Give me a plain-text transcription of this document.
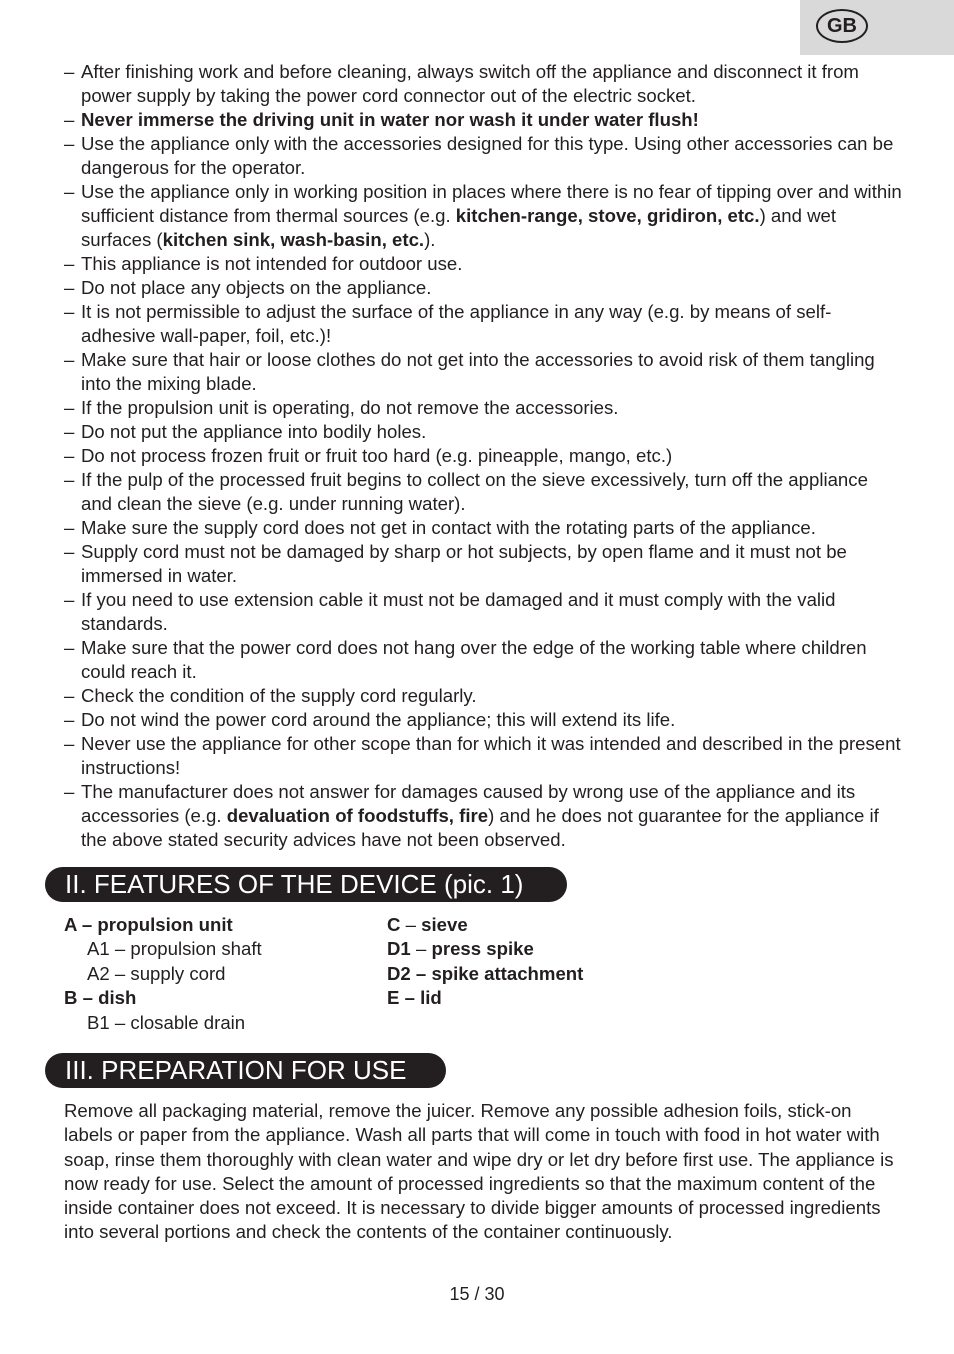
GB
– After finishing work and before cleaning, always switch off the appliance and disconnect it from power supply by taking the power cord connector out of the electric socket.
– Never immerse the driving unit in water nor wash it under water flush!
– Use the appliance only with the accessories designed for this type. Using other accessories can be dangerous for the operator.
– Use the appliance only in working position in places where there is no fear of tipping over and within sufficient distance from thermal sources (e.g. kitchen-range, stove, gridiron, etc.) and wet surfaces (kitchen sink, wash-basin, etc.).
– This appliance is not intended for outdoor use.
– Do not place any objects on the appliance.
– It is not permissible to adjust the surface of the appliance in any way (e.g. by means of self-adhesive wall-paper, foil, etc.)!
– Make sure that hair or loose clothes do not get into the accessories to avoid risk of them tangling into the mixing blade.
– If the propulsion unit is operating, do not remove the accessories.
– Do not put the appliance into bodily holes.
– Do not process frozen fruit or fruit too hard (e.g. pineapple, mango, etc.)
– If the pulp of the processed fruit begins to collect on the sieve excessively, turn off the appliance and clean the sieve (e.g. under running water).
– Make sure the supply cord does not get in contact with the rotating parts of the appliance.
– Supply cord must not be damaged by sharp or hot subjects, by open flame and it must not be immersed in water.
– If you need to use extension cable it must not be damaged and it must comply with the valid standards.
– Make sure that the power cord does not hang over the edge of the working table where children could reach it.
– Check the condition of the supply cord regularly.
– Do not wind the power cord around the appliance; this will extend its life.
– Never use the appliance for other scope than for which it was intended and described in the present instructions!
– The manufacturer does not answer for damages caused by wrong use of the appliance and its accessories (e.g. devaluation of foodstuffs, fire) and he does not guarantee for the appliance if the above stated security advices have not been observed.
II. FEATURES OF THE DEVICE (pic. 1)
A – propulsion unit
A1 – propulsion shaft
A2 – supply cord
B – dish
B1 – closable drain
C – sieve
D1 – press spike
D2 – spike attachment
E – lid
III. PREPARATION FOR USE

Remove all packaging material, remove the juicer. Remove any possible adhesion foils, stick-on labels or paper from the appliance. Wash all parts that will come in touch with food in hot water with soap, rinse them thoroughly with clean water and wipe dry or let dry before first use. The appliance is now ready for use. Select the amount of processed ingredients so that the maximum content of the inside container does not exceed. It is necessary to divide bigger amounts of processed ingredients into several portions and check the contents of the container continuously.

15 / 30
